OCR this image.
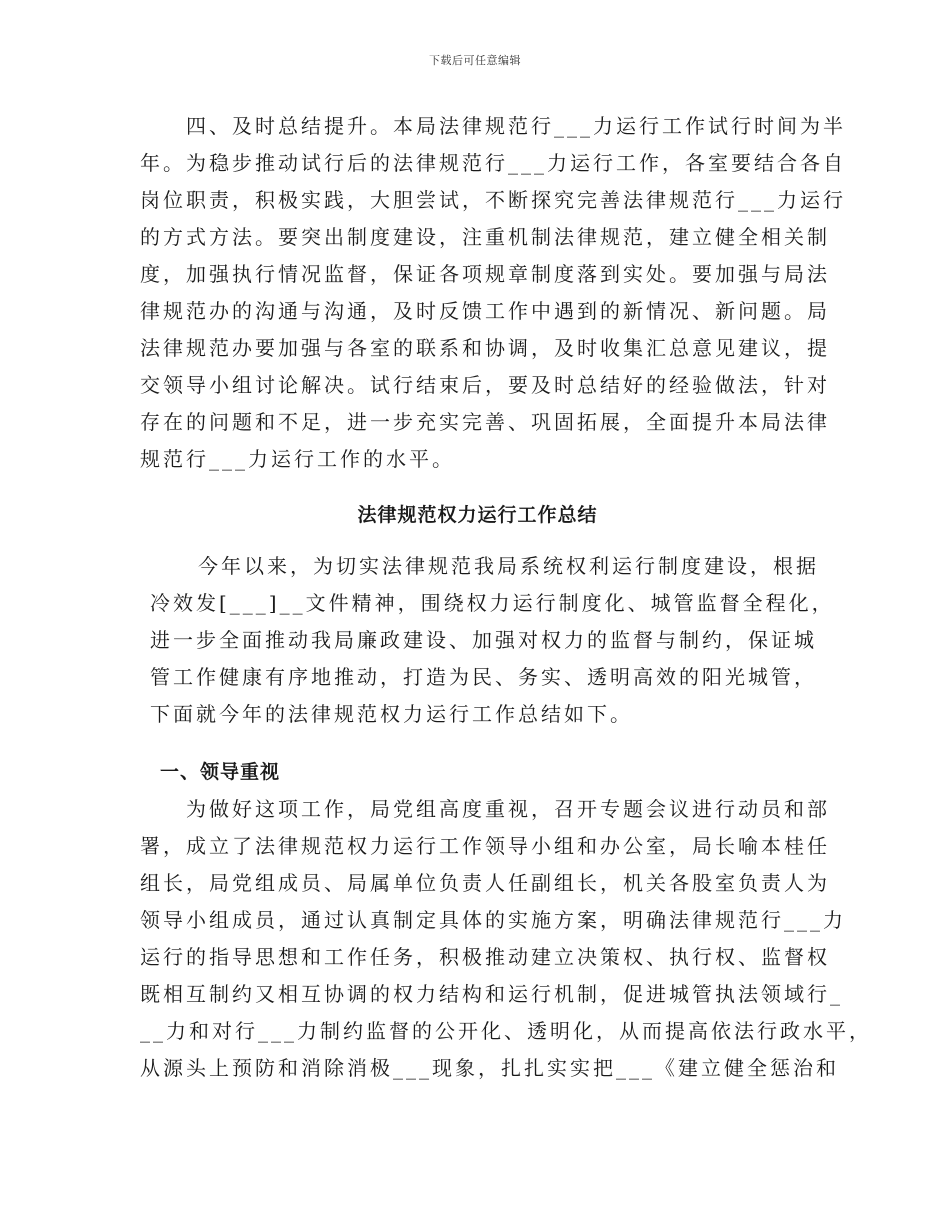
下载后可任意编辑

四、及时总结提升。本局法律规范行___力运行工作试行时间为半
年。为稳步推动试行后的法律规范行___力运行工作，各室要结合各自
岗位职责，积极实践，大胆尝试，不断探究完善法律规范行___力运行
的方式方法。要突出制度建设，注重机制法律规范，建立健全相关制
度，加强执行情况监督，保证各项规章制度落到实处。要加强与局法
律规范办的沟通与沟通，及时反馈工作中遇到的新情况、新问题。局
法律规范办要加强与各室的联系和协调，及时收集汇总意见建议，提
交领导小组讨论解决。试行结束后，要及时总结好的经验做法，针对
存在的问题和不足，进一步充实完善、巩固拓展，全面提升本局法律
规范行___力运行工作的水平。

法律规范权力运行工作总结

今年以来，为切实法律规范我局系统权利运行制度建设，根据
冷效发[___]__文件精神，围绕权力运行制度化、城管监督全程化，
进一步全面推动我局廉政建设、加强对权力的监督与制约，保证城
管工作健康有序地推动，打造为民、务实、透明高效的阳光城管，
下面就今年的法律规范权力运行工作总结如下。

一、领导重视

为做好这项工作，局党组高度重视，召开专题会议进行动员和部
署，成立了法律规范权力运行工作领导小组和办公室，局长喻本桂任
组长，局党组成员、局属单位负责人任副组长，机关各股室负责人为
领导小组成员，通过认真制定具体的实施方案，明确法律规范行___力
运行的指导思想和工作任务，积极推动建立决策权、执行权、监督权
既相互制约又相互协调的权力结构和运行机制，促进城管执法领域行_
__力和对行___力制约监督的公开化、透明化，从而提高依法行政水平，
从源头上预防和消除消极___现象，扎扎实实把___《建立健全惩治和
